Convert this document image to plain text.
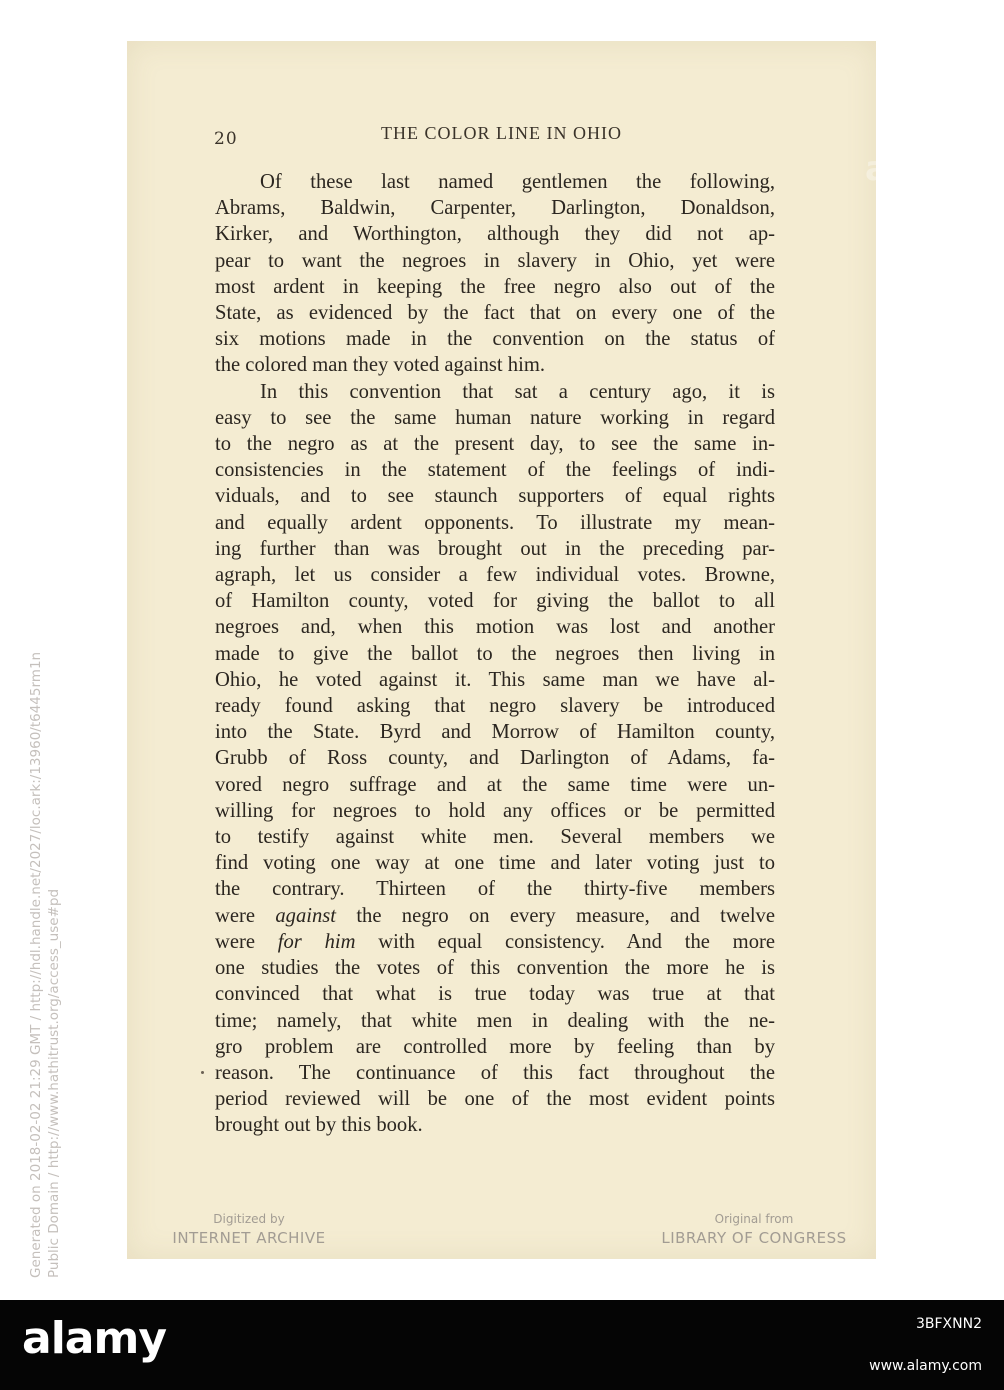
20	THE COLOR LINE IN OHIO
Of these last named gentlemen the following,
Abrams, Baldwin, Carpenter, Darlington, Donaldson,
Kirker, and Worthington, although they did not ap-
pear to want the negroes in slavery in Ohio, yet were
most ardent in keeping the free negro also out of the
State, as evidenced by the fact that on every one of the
six motions made in the convention on the status of
the colored man they voted against him.
In this convention that sat a century ago, it is
easy to see the same human nature working in regard
to the negro as at the present day, to see the same in-
consistencies in the statement of the feelings of indi-
viduals, and to see staunch supporters of equal rights
and equally ardent opponents. To illustrate my mean-
ing further than was brought out in the preceding par-
agraph, let us consider a few individual votes. Browne,
of Hamilton county, voted for giving the ballot to all
negroes and, when this motion was lost and another
made to give the ballot to the negroes then living in
Ohio, he voted against it. This same man we have al-
ready found asking that negro slavery be introduced
into the State. Byrd and Morrow of Hamilton county,
Grubb of Ross county, and Darlington of Adams, fa-
vored negro suffrage and at the same time were un-
willing for negroes to hold any offices or be permitted
to testify against white men. Several members we
find voting one way at one time and later voting just to
the contrary. Thirteen of the thirty-five members
were against the negro on every measure, and twelve
were for him with equal consistency. And the more
one studies the votes of this convention the more he is
convinced that what is true today was true at that
time; namely, that white men in dealing with the ne-
gro problem are controlled more by feeling than by
reason. The continuance of this fact throughout the
period reviewed will be one of the most evident points
brought out by this book.
alamy
Digitized by
INTERNET ARCHIVE
Original from
LIBRARY OF CONGRESS
Generated on 2018-02-02 21:29 GMT / http://hdl.handle.net/2027/loc.ark:/13960/t6445rm1n Public Domain / http://www.hathitrust.org/access_use#pd
alamy	3BFXNN2
www.alamy.com
